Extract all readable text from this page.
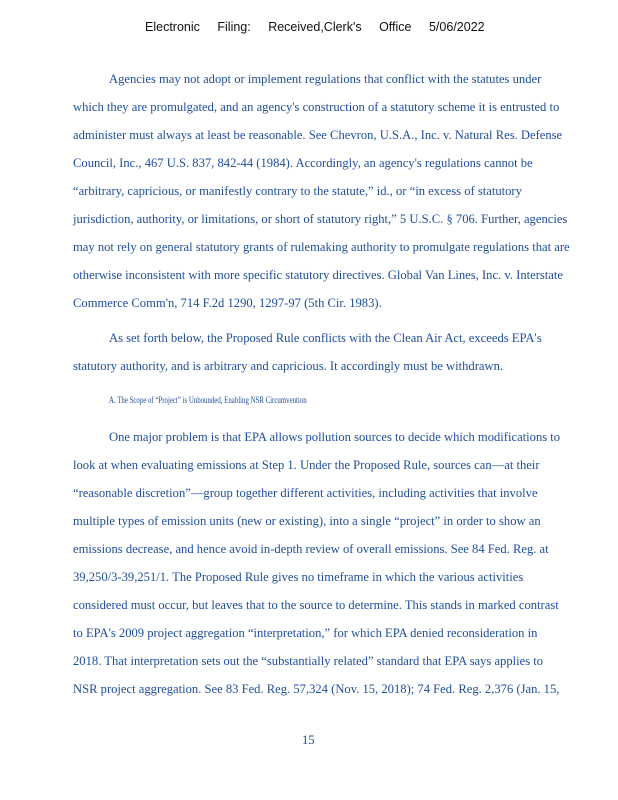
Electronic Filing: Received,Clerk's Office 5/06/2022
Agencies may not adopt or implement regulations that conflict with the statutes under
which they are promulgated, and an agency's construction of a statutory scheme it is entrusted to
administer must always at least be reasonable. See Chevron, U.S.A., Inc. v. Natural Res. Defense
Council, Inc., 467 U.S. 837, 842-44 (1984). Accordingly, an agency's regulations cannot be
“arbitrary, capricious, or manifestly contrary to the statute,” id., or “in excess of statutory
jurisdiction, authority, or limitations, or short of statutory right,” 5 U.S.C. § 706. Further, agencies
may not rely on general statutory grants of rulemaking authority to promulgate regulations that are
otherwise inconsistent with more specific statutory directives. Global Van Lines, Inc. v. Interstate
Commerce Comm'n, 714 F.2d 1290, 1297-97 (5th Cir. 1983).
As set forth below, the Proposed Rule conflicts with the Clean Air Act, exceeds EPA's
statutory authority, and is arbitrary and capricious. It accordingly must be withdrawn.
A. The Scope of “Project” is Unbounded, Enabling NSR Circumvention
One major problem is that EPA allows pollution sources to decide which modifications to
look at when evaluating emissions at Step 1. Under the Proposed Rule, sources can—at their
“reasonable discretion”—group together different activities, including activities that involve
multiple types of emission units (new or existing), into a single “project” in order to show an
emissions decrease, and hence avoid in-depth review of overall emissions. See 84 Fed. Reg. at
39,250/3-39,251/1. The Proposed Rule gives no timeframe in which the various activities
considered must occur, but leaves that to the source to determine. This stands in marked contrast
to EPA's 2009 project aggregation “interpretation,” for which EPA denied reconsideration in
2018. That interpretation sets out the “substantially related” standard that EPA says applies to
NSR project aggregation. See 83 Fed. Reg. 57,324 (Nov. 15, 2018); 74 Fed. Reg. 2,376 (Jan. 15,
15
